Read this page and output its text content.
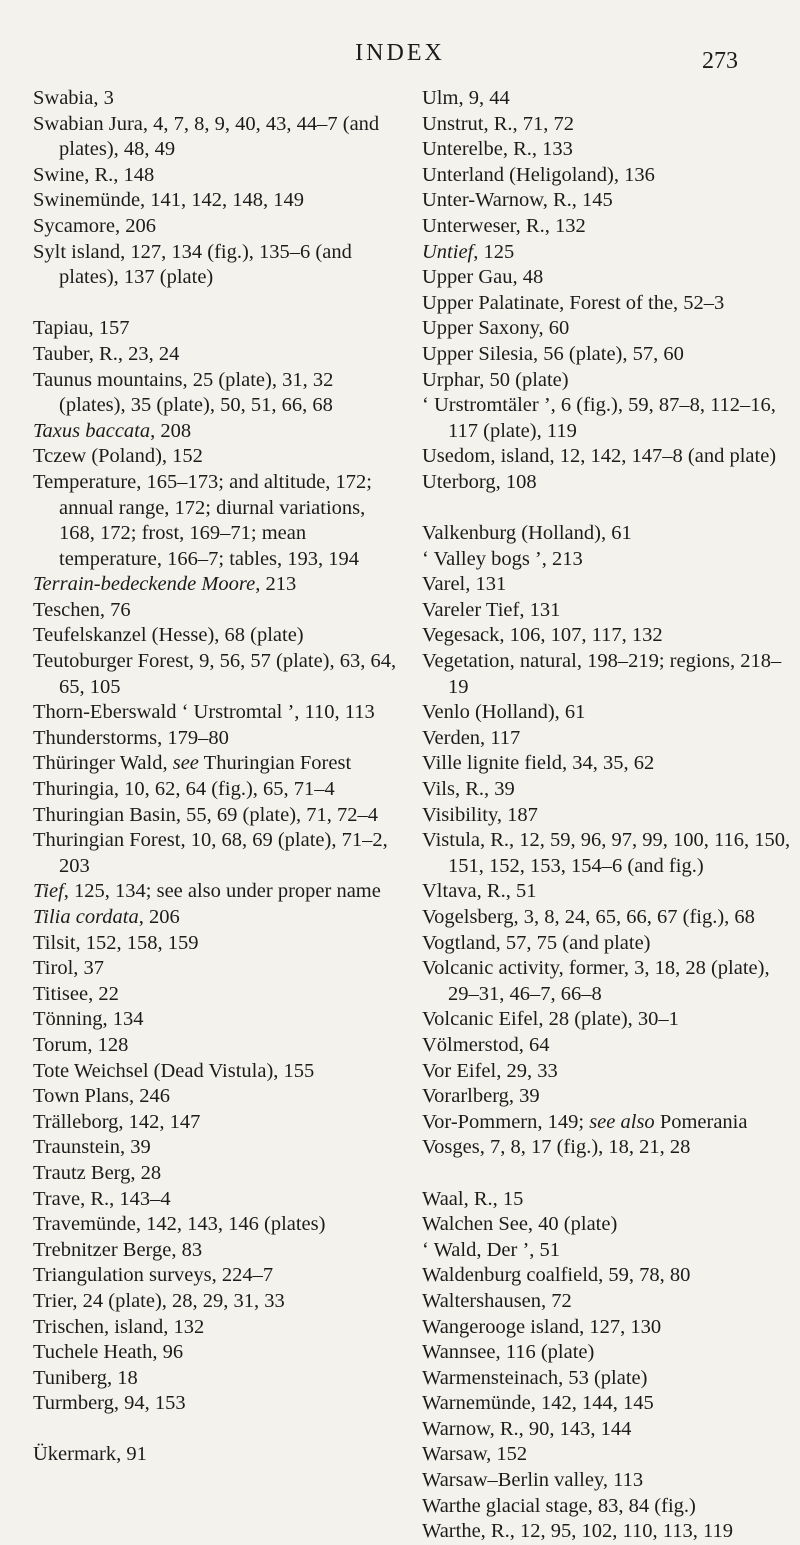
INDEX	273
Swabia, 3
Swabian Jura, 4, 7, 8, 9, 40, 43, 44–7 (and plates), 48, 49
Swine, R., 148
Swinemünde, 141, 142, 148, 149
Sycamore, 206
Sylt island, 127, 134 (fig.), 135–6 (and plates), 137 (plate)
Tapiau, 157
Tauber, R., 23, 24
Taunus mountains, 25 (plate), 31, 32 (plates), 35 (plate), 50, 51, 66, 68
Taxus baccata, 208
Tczew (Poland), 152
Temperature, 165–173; and altitude, 172; annual range, 172; diurnal variations, 168, 172; frost, 169–71; mean temperature, 166–7; tables, 193, 194
Terrain-bedeckende Moore, 213
Teschen, 76
Teufelskanzel (Hesse), 68 (plate)
Teutoburger Forest, 9, 56, 57 (plate), 63, 64, 65, 105
Thorn-Eberswald ‘ Urstromtal ’, 110, 113
Thunderstorms, 179–80
Thüringer Wald, see Thuringian Forest
Thuringia, 10, 62, 64 (fig.), 65, 71–4
Thuringian Basin, 55, 69 (plate), 71, 72–4
Thuringian Forest, 10, 68, 69 (plate), 71–2, 203
Tief, 125, 134; see also under proper name
Tilia cordata, 206
Tilsit, 152, 158, 159
Tirol, 37
Titisee, 22
Tönning, 134
Torum, 128
Tote Weichsel (Dead Vistula), 155
Town Plans, 246
Trälleborg, 142, 147
Traunstein, 39
Trautz Berg, 28
Trave, R., 143–4
Travemünde, 142, 143, 146 (plates)
Trebnitzer Berge, 83
Triangulation surveys, 224–7
Trier, 24 (plate), 28, 29, 31, 33
Trischen, island, 132
Tuchele Heath, 96
Tuniberg, 18
Turmberg, 94, 153
Ükermark, 91
Ulm, 9, 44
Unstrut, R., 71, 72
Unterelbe, R., 133
Unterland (Heligoland), 136
Unter-Warnow, R., 145
Unterweser, R., 132
Untief, 125
Upper Gau, 48
Upper Palatinate, Forest of the, 52–3
Upper Saxony, 60
Upper Silesia, 56 (plate), 57, 60
Urphar, 50 (plate)
‘ Urstromtäler ’, 6 (fig.), 59, 87–8, 112–16, 117 (plate), 119
Usedom, island, 12, 142, 147–8 (and plate)
Uterborg, 108
Valkenburg (Holland), 61
‘ Valley bogs ’, 213
Varel, 131
Vareler Tief, 131
Vegesack, 106, 107, 117, 132
Vegetation, natural, 198–219; regions, 218–19
Venlo (Holland), 61
Verden, 117
Ville lignite field, 34, 35, 62
Vils, R., 39
Visibility, 187
Vistula, R., 12, 59, 96, 97, 99, 100, 116, 150, 151, 152, 153, 154–6 (and fig.)
Vltava, R., 51
Vogelsberg, 3, 8, 24, 65, 66, 67 (fig.), 68
Vogtland, 57, 75 (and plate)
Volcanic activity, former, 3, 18, 28 (plate), 29–31, 46–7, 66–8
Volcanic Eifel, 28 (plate), 30–1
Völmerstod, 64
Vor Eifel, 29, 33
Vorarlberg, 39
Vor-Pommern, 149; see also Pomerania
Vosges, 7, 8, 17 (fig.), 18, 21, 28
Waal, R., 15
Walchen See, 40 (plate)
‘ Wald, Der ’, 51
Waldenburg coalfield, 59, 78, 80
Waltershausen, 72
Wangerooge island, 127, 130
Wannsee, 116 (plate)
Warmensteinach, 53 (plate)
Warnemünde, 142, 144, 145
Warnow, R., 90, 143, 144
Warsaw, 152
Warsaw–Berlin valley, 113
Warthe glacial stage, 83, 84 (fig.)
Warthe, R., 12, 95, 102, 110, 113, 119
